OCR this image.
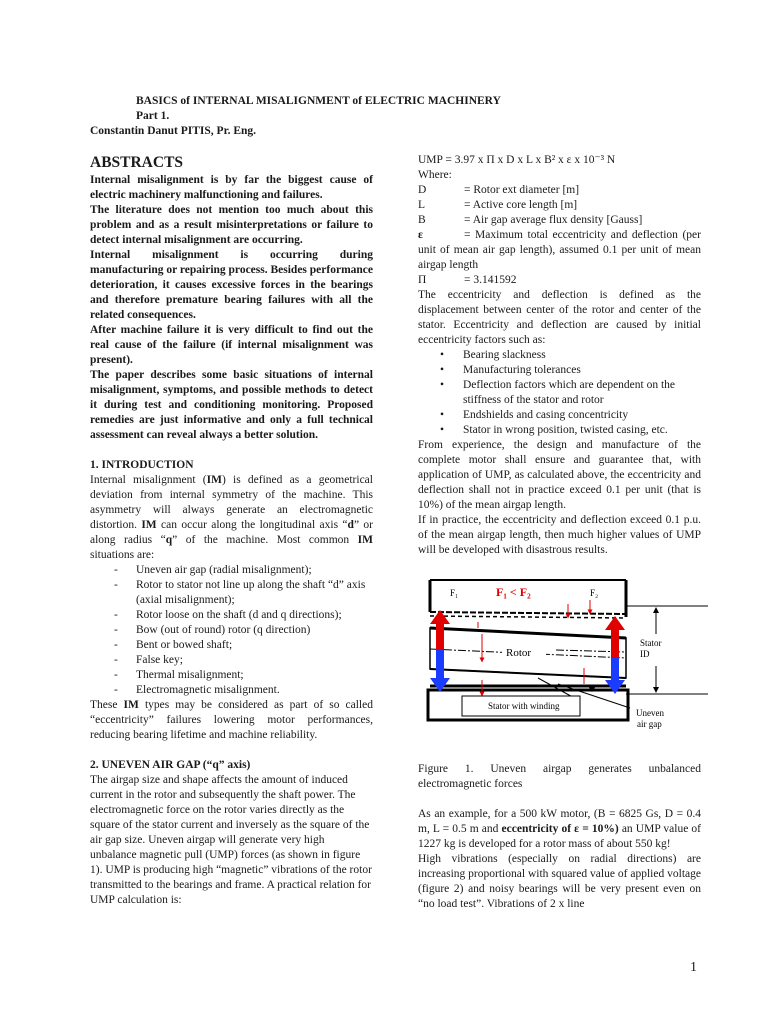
BASICS of INTERNAL MISALIGNMENT of ELECTRIC MACHINERY
Part 1.
Constantin Danut PITIS, Pr. Eng.
ABSTRACTS

Internal misalignment is by far the biggest cause of electric machinery malfunctioning and failures.

The literature does not mention too much about this problem and as a result misinterpretations or failure to detect internal misalignment are occurring.

Internal misalignment is occurring during manufacturing or repairing process. Besides performance deterioration, it causes excessive forces in the bearings and therefore premature bearing failures with all the related consequences.

After machine failure it is very difficult to find out the real cause of the failure (if internal misalignment was present).

The paper describes some basic situations of internal misalignment, symptoms, and possible methods to detect it during test and conditioning monitoring. Proposed remedies are just informative and only a full technical assessment can reveal always a better solution.

1. INTRODUCTION

Internal misalignment (IM) is defined as a geometrical deviation from internal symmetry of the machine. This asymmetry will always generate an electromagnetic distortion. IM can occur along the longitudinal axis “d” or along radius “q” of the machine. Most common IM situations are:

- Uneven air gap (radial misalignment);
- Rotor to stator not line up along the shaft “d” axis (axial misalignment);
- Rotor loose on the shaft (d and q directions);
- Bow (out of round) rotor (q direction)
- Bent or bowed shaft;
- False key;
- Thermal misalignment;
- Electromagnetic misalignment.

These IM types may be considered as part of so called “eccentricity” failures lowering motor performances, reducing bearing lifetime and machine reliability.

2. UNEVEN AIR GAP (“q” axis)

The airgap size and shape affects the amount of induced current in the rotor and subsequently the shaft power. The electromagnetic force on the rotor varies directly as the square of the stator current and inversely as the square of the air gap size. Uneven airgap will generate very high unbalance magnetic pull (UMP) forces (as shown in figure 1). UMP is producing high “magnetic” vibrations of the rotor transmitted to the bearings and frame. A practical relation for UMP calculation is:

UMP = 3.97 x Π x D x L x B² x ε x 10⁻³ N

Where:

D	= Rotor ext diameter [m]
L	= Active core length [m]
B	= Air gap average flux density [Gauss]

ε	= Maximum total eccentricity and deflection (per unit of mean air gap length), assumed 0.1 per unit of mean airgap length

Π	= 3.141592

The eccentricity and deflection is defined as the displacement between center of the rotor and center of the stator. Eccentricity and deflection are caused by initial eccentricity factors such as:

• Bearing slackness
• Manufacturing tolerances
• Deflection factors which are dependent on the stiffness of the stator and rotor
• Endshields and casing concentricity
• Stator in wrong position, twisted casing, etc.

From experience, the design and manufacture of the complete motor shall ensure and guarantee that, with application of UMP, as calculated above, the eccentricity and deflection shall not in practice exceed 0.1 per unit (that is 10%) of the mean airgap length.

If in practice, the eccentricity and deflection exceed 0.1 p.u. of the mean airgap length, then much higher values of UMP will be developed with disastrous results.

F₁	F₁ < F₂	F₂
Rotor
Stator
ID
Stator with winding
Uneven
air gap

Figure 1. Uneven airgap generates unbalanced electromagnetic forces

As an example, for a 500 kW motor, (B = 6825 Gs, D = 0.4 m, L = 0.5 m and eccentricity of ε = 10%) an UMP value of 1227 kg is developed for a rotor mass of about 550 kg!

High vibrations (especially on radial directions) are increasing proportional with squared value of applied voltage (figure 2) and noisy bearings will be very present even on “no load test”. Vibrations of 2 x line

1
